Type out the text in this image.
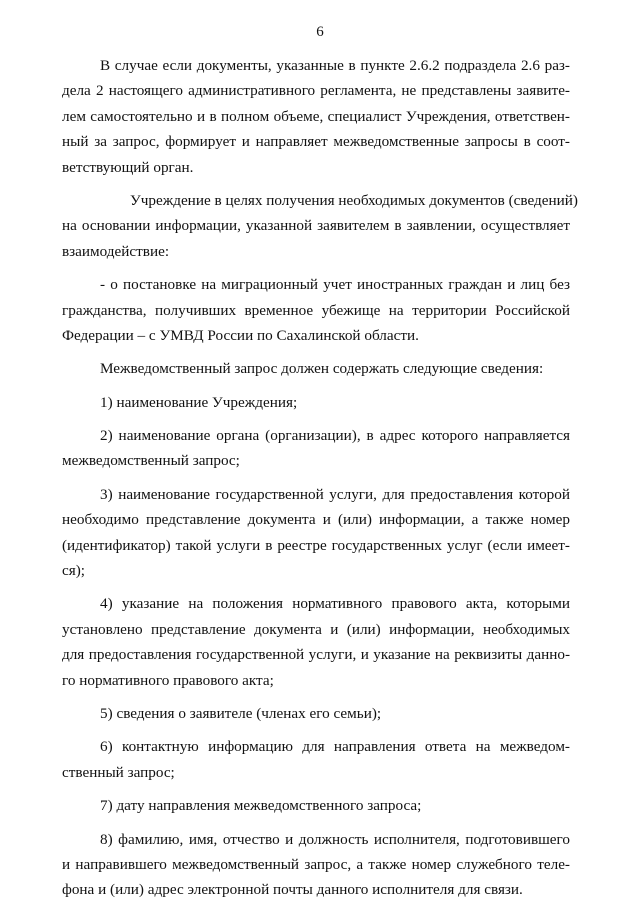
6
В случае если документы, указанные в пункте 2.6.2 подраздела 2.6 раз-
дела 2 настоящего административного регламента, не представлены заявите-
лем самостоятельно и в полном объеме, специалист Учреждения, ответствен-
ный за запрос, формирует и направляет межведомственные запросы в соот-
ветствующий орган.
Учреждение в целях получения необходимых документов (сведений)
на основании информации, указанной заявителем в заявлении, осуществляет
взаимодействие:
- о постановке на миграционный учет иностранных граждан и лиц без
гражданства, получивших временное убежище на территории Российской
Федерации – с УМВД России по Сахалинской области.
Межведомственный запрос должен содержать следующие сведения:
1) наименование Учреждения;
2) наименование органа (организации), в адрес которого направляется
межведомственный запрос;
3) наименование государственной услуги, для предоставления которой
необходимо представление документа и (или) информации, а также номер
(идентификатор) такой услуги в реестре государственных услуг (если имеет-
ся);
4) указание на положения нормативного правового акта, которыми
установлено представление документа и (или) информации, необходимых
для предоставления государственной услуги, и указание на реквизиты данно-
го нормативного правового акта;
5) сведения о заявителе (членах его семьи);
6) контактную информацию для направления ответа на межведом-
ственный запрос;
7) дату направления межведомственного запроса;
8) фамилию, имя, отчество и должность исполнителя, подготовившего
и направившего межведомственный запрос, а также номер служебного теле-
фона и (или) адрес электронной почты данного исполнителя для связи.
